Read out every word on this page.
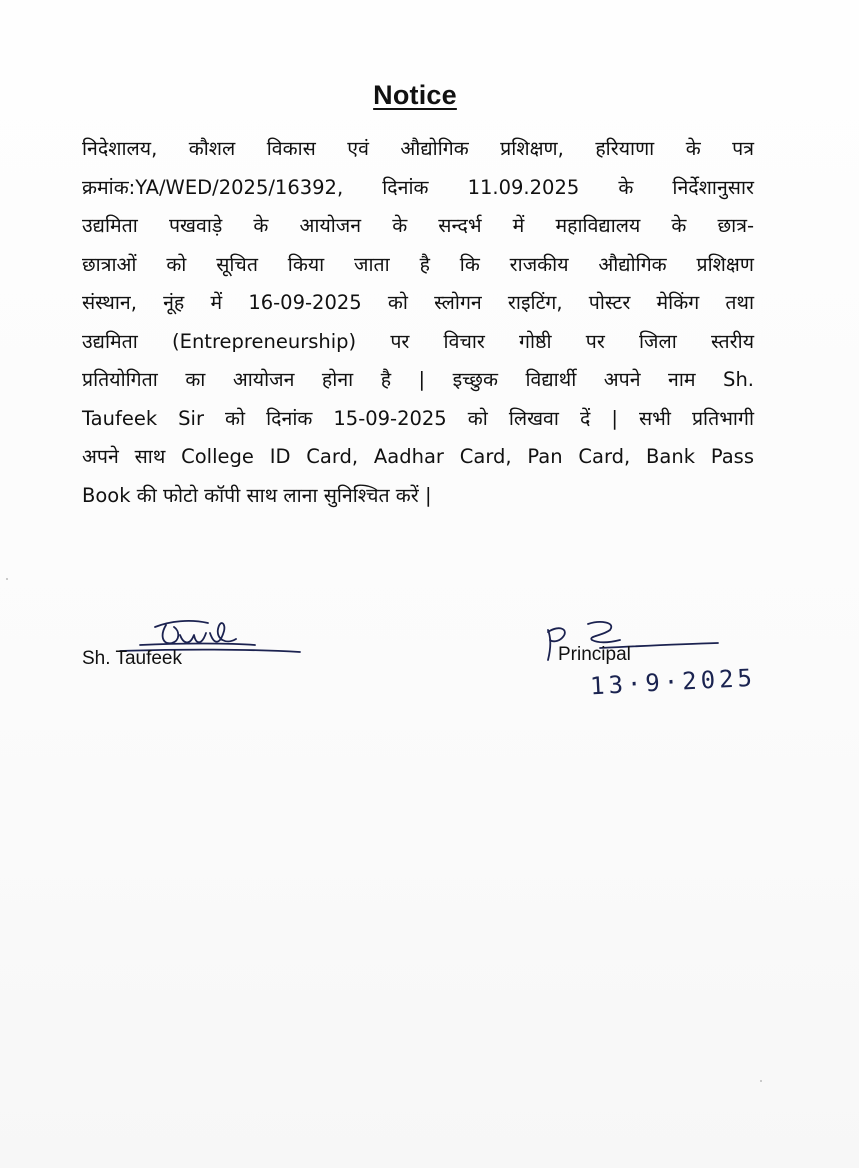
Notice
निदेशालय, कौशल विकास एवं औद्योगिक प्रशिक्षण, हरियाणा के पत्र
क्रमांक:YA/WED/2025/16392, दिनांक 11.09.2025 के निर्देशानुसार
उद्यमिता पखवाड़े के आयोजन के सन्दर्भ में महाविद्यालय के छात्र-
छात्राओं को सूचित किया जाता है कि राजकीय औद्योगिक प्रशिक्षण
संस्थान, नूंह में 16-09-2025 को स्लोगन राइटिंग, पोस्टर मेकिंग तथा
उद्यमिता (Entrepreneurship) पर विचार गोष्ठी पर जिला स्तरीय
प्रतियोगिता का आयोजन होना है | इच्छुक विद्यार्थी अपने नाम Sh.
Taufeek Sir को दिनांक 15-09-2025 को लिखवा दें | सभी प्रतिभागी
अपने साथ College ID Card, Aadhar Card, Pan Card, Bank Pass
Book की फोटो कॉपी साथ लाना सुनिश्चित करें |
Sh. Taufeek	Principal
13·9·2025
